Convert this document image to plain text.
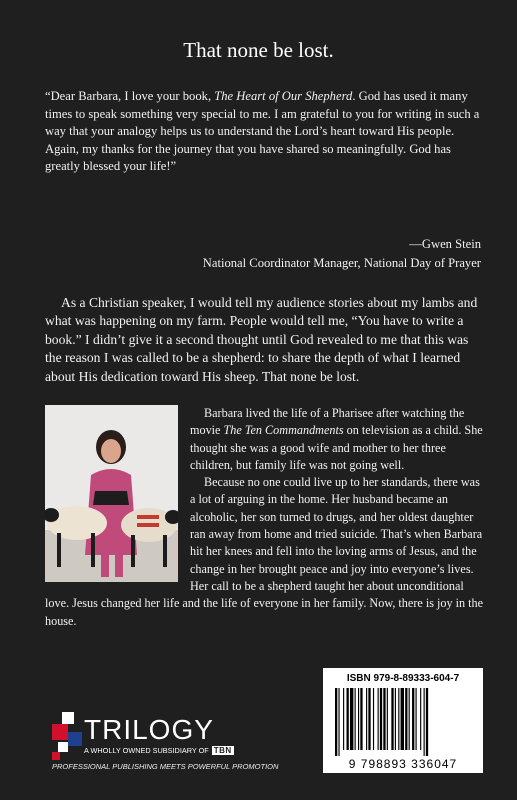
That none be lost.
“Dear Barbara, I love your book, The Heart of Our Shepherd. God has used it many times to speak something very special to me. I am grateful to you for writing in such a way that your analogy helps us to understand the Lord’s heart toward His people. Again, my thanks for the journey that you have shared so meaningfully. God has greatly blessed your life!”
—Gwen Stein
National Coordinator Manager, National Day of Prayer
As a Christian speaker, I would tell my audience stories about my lambs and what was happening on my farm. People would tell me, “You have to write a book.” I didn’t give it a second thought until God revealed to me that this was the reason I was called to be a shepherd: to share the depth of what I learned about His dedication toward His sheep. That none be lost.

Barbara lived the life of a Pharisee after watching the movie The Ten Commandments on television as a child. She thought she was a good wife and mother to her three children, but family life was not going well.

Because no one could live up to her standards, there was a lot of arguing in the home. Her husband became an alcoholic, her son turned to drugs, and her oldest daughter ran away from home and tried suicide. That’s when Barbara hit her knees and fell into the loving arms of Jesus, and the change in her brought peace and joy into everyone’s lives. Her call to be a shepherd taught her about unconditional love. Jesus changed her life and the life of everyone in her family. Now, there is joy in the house.

ISBN 979-8-89333-604-7
9 798893 336047
TRILOGY
A WHOLLY OWNED SUBSIDIARY OF TBN
PROFESSIONAL PUBLISHING MEETS POWERFUL PROMOTION
